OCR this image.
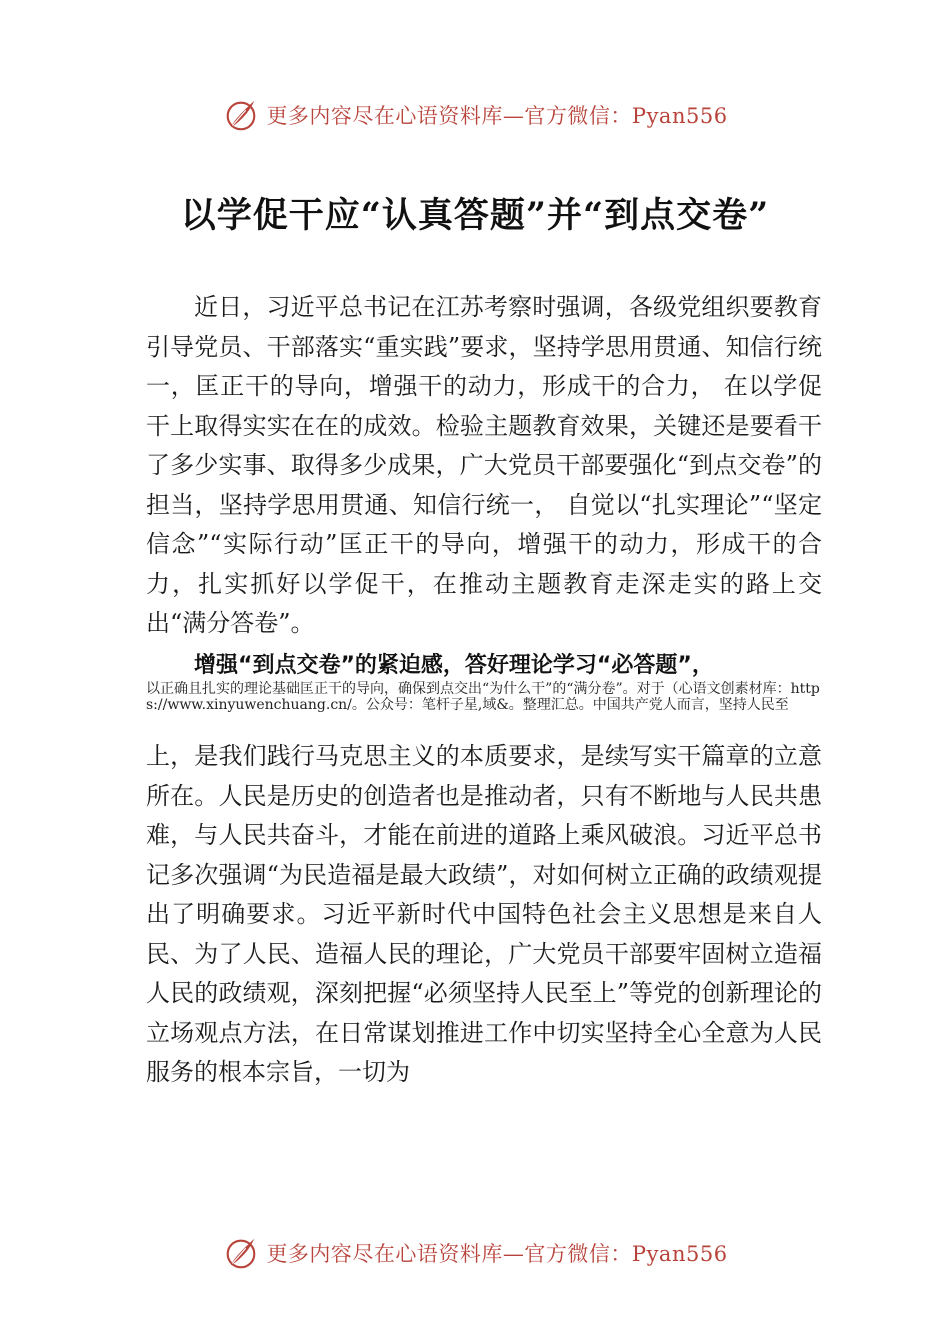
更多内容尽在心语资料库—官方微信：Pyan556
以学促干应“认真答题”并“到点交卷”

近日，习近平总书记在江苏考察时强调，各级党组织要教育引导党员、干部落实“重实践”要求，坚持学思用贯通、知信行统一，匡正干的导向，增强干的动力，形成干的合力， 在以学促干上取得实实在在的成效。检验主题教育效果，关键还是要看干了多少实事、取得多少成果，广大党员干部要强化“到点交卷”的担当，坚持学思用贯通、知信行统一， 自觉以“扎实理论”“坚定信念”“实际行动”匡正干的导向，增强干的动力，形成干的合力，扎实抓好以学促干，在推动主题教育走深走实的路上交出“满分答卷”。

增强“到点交卷”的紧迫感，答好理论学习“必答题”，

以正确且扎实的理论基础匡正干的导向，确保到点交出“为什么干”的“满分卷”。对于（心语文创素材库：https://www.xinyuwenchuang.cn/。公众号：笔杆子星,域&。整理汇总。中国共产党人而言，坚持人民至

上，是我们践行马克思主义的本质要求，是续写实干篇章的立意所在。人民是历史的创造者也是推动者，只有不断地与人民共患难，与人民共奋斗，才能在前进的道路上乘风破浪。习近平总书记多次强调“为民造福是最大政绩”，对如何树立正确的政绩观提出了明确要求。习近平新时代中国特色社会主义思想是来自人民、为了人民、造福人民的理论，广大党员干部要牢固树立造福人民的政绩观，深刻把握“必须坚持人民至上”等党的创新理论的立场观点方法，在日常谋划推进工作中切实坚持全心全意为人民服务的根本宗旨，一切为

更多内容尽在心语资料库—官方微信：Pyan556
